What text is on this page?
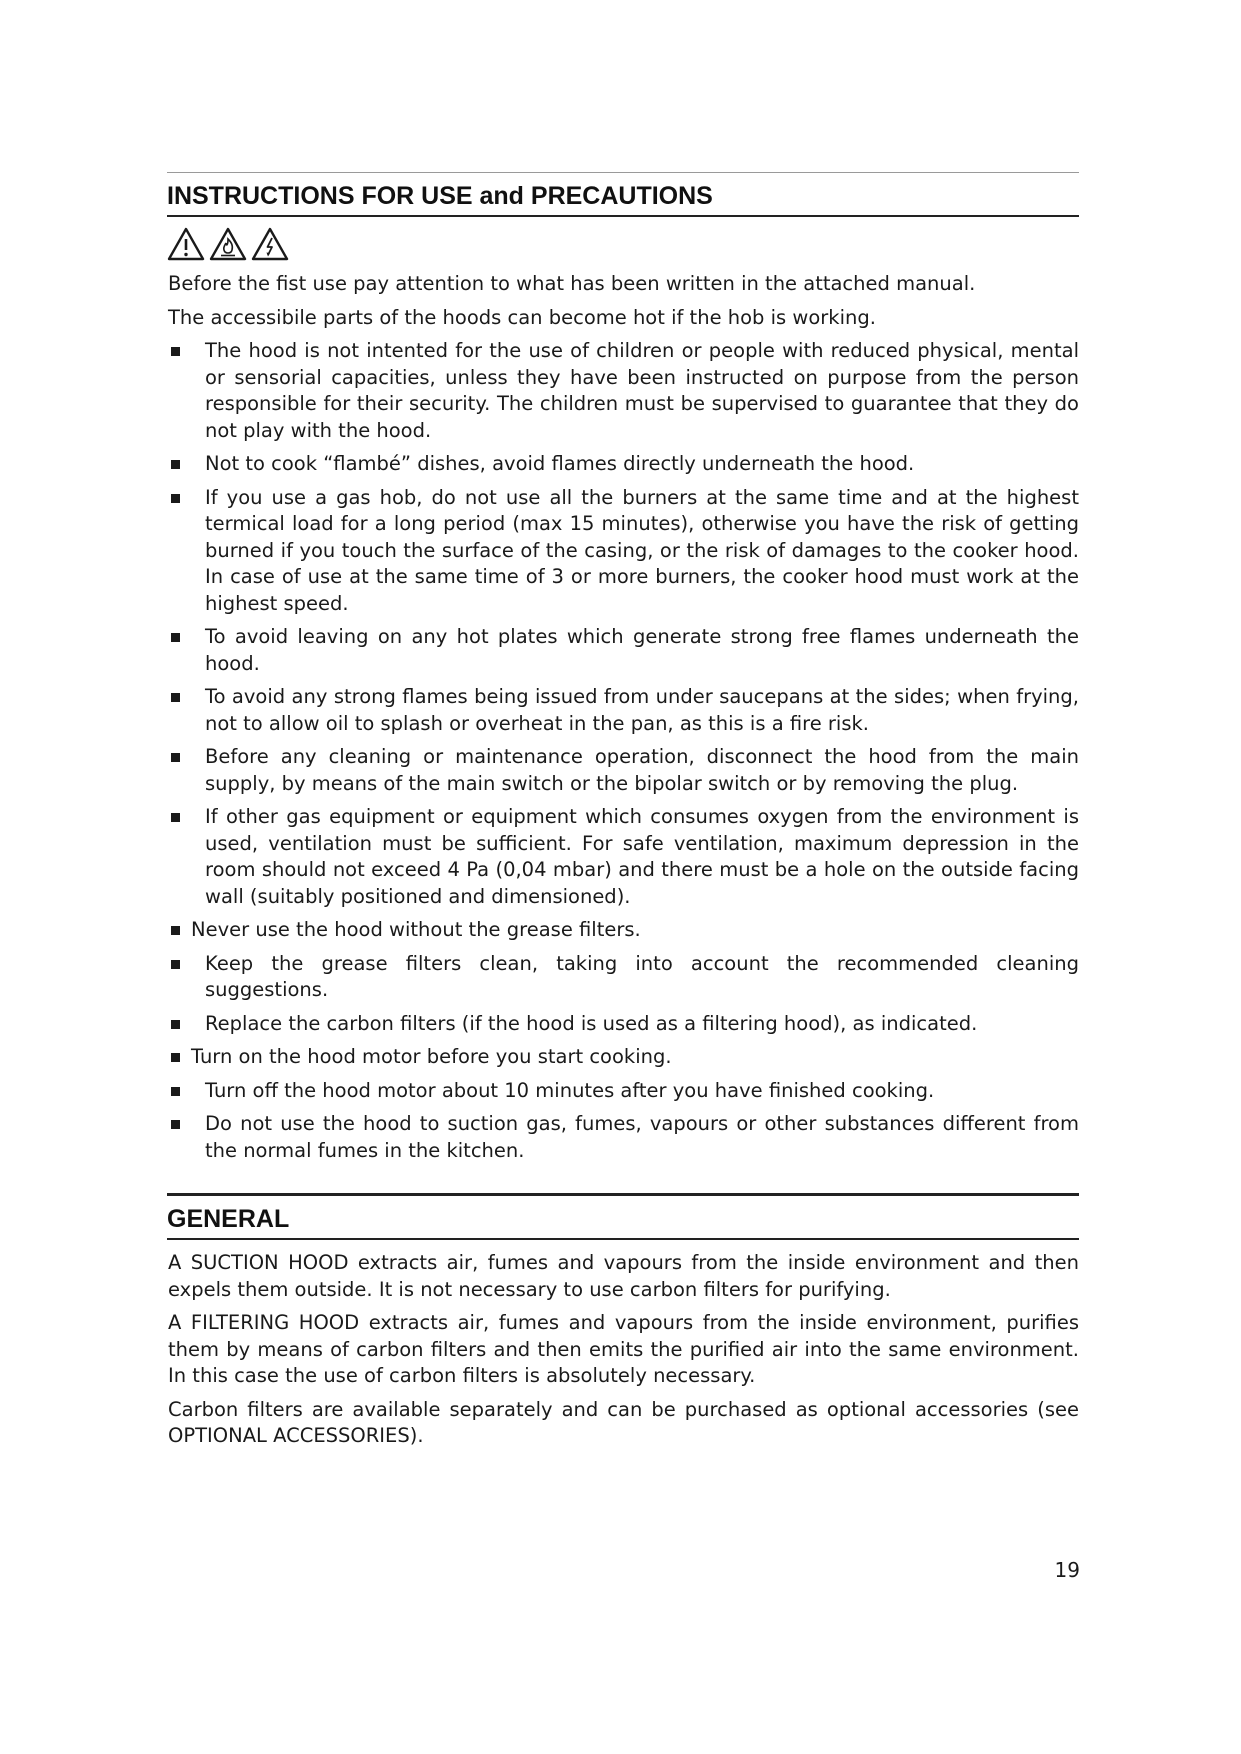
INSTRUCTIONS FOR USE and PRECAUTIONS

Before the fist use pay attention to what has been written in the attached manual.

The accessibile parts of the hoods can become hot if the hob is working.

The hood is not intented for the use of children or people with reduced physical, mental or sensorial capacities, unless they have been instructed on purpose from the person responsible for their security. The children must be supervised to guarantee that they do not play with the hood.
Not to cook “flambé” dishes, avoid flames directly underneath the hood.
If you use a gas hob, do not use all the burners at the same time and at the highest termical load for a long period (max 15 minutes), otherwise you have the risk of getting burned if you touch the surface of the casing, or the risk of damages to the cooker hood. In case of use at the same time of 3 or more burners, the cooker hood must work at the highest speed.
To avoid leaving on any hot plates which generate strong free flames underneath the hood.
To avoid any strong flames being issued from under saucepans at the sides; when frying, not to allow oil to splash or overheat in the pan, as this is a fire risk.
Before any cleaning or maintenance operation, disconnect the hood from the main supply, by means of the main switch or the bipolar switch or by removing the plug.
If other gas equipment or equipment which consumes oxygen from the environment is used, ventilation must be sufficient. For safe ventilation, maximum depression in the room should not exceed 4 Pa (0,04 mbar) and there must be a hole on the outside facing wall (suitably positioned and dimensioned).
Never use the hood without the grease filters.
Keep the grease filters clean, taking into account the recommended cleaning suggestions.
Replace the carbon filters (if the hood is used as a filtering hood), as indicated.
Turn on the hood motor before you start cooking.
Turn off the hood motor about 10 minutes after you have finished cooking.
Do not use the hood to suction gas, fumes, vapours or other substances different from the normal fumes in the kitchen.
GENERAL

A SUCTION HOOD extracts air, fumes and vapours from the inside environment and then expels them outside. It is not necessary to use carbon filters for purifying.

A FILTERING HOOD extracts air, fumes and vapours from the inside environment, purifies them by means of carbon filters and then emits the purified air into the same environment. In this case the use of carbon filters is absolutely necessary.

Carbon filters are available separately and can be purchased as optional accessories (see OPTIONAL ACCESSORIES).

19
